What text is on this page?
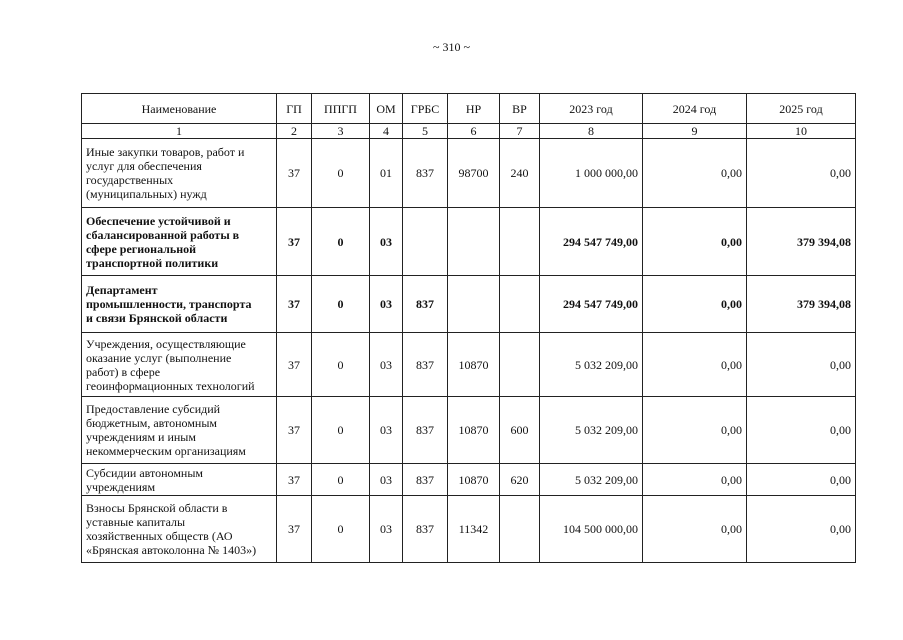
~ 310 ~
Наименование	ГП	ППГП	ОМ	ГРБС	НР	ВР	2023 год	2024 год	2025 год
1	2	3	4	5	6	7	8	9	10

Иные закупки товаров, работ и
услуг для обеспечения
государственных
(муниципальных) нужд	37	0	01	837	98700	240	1 000 000,00	0,00	0,00

Обеспечение устойчивой и
сбалансированной работы в
сфере региональной
транспортной политики	37	0	03				294 547 749,00	0,00	379 394,08

Департамент
промышленности, транспорта
и связи Брянской области	37	0	03	837			294 547 749,00	0,00	379 394,08

Учреждения, осуществляющие
оказание услуг (выполнение
работ) в сфере
геоинформационных технологий	37	0	03	837	10870		5 032 209,00	0,00	0,00

Предоставление субсидий
бюджетным, автономным
учреждениям и иным
некоммерческим организациям	37	0	03	837	10870	600	5 032 209,00	0,00	0,00

Субсидии автономным
учреждениям	37	0	03	837	10870	620	5 032 209,00	0,00	0,00

Взносы Брянской области в
уставные капиталы
хозяйственных обществ (АО
«Брянская автоколонна № 1403»)	37	0	03	837	11342		104 500 000,00	0,00	0,00
